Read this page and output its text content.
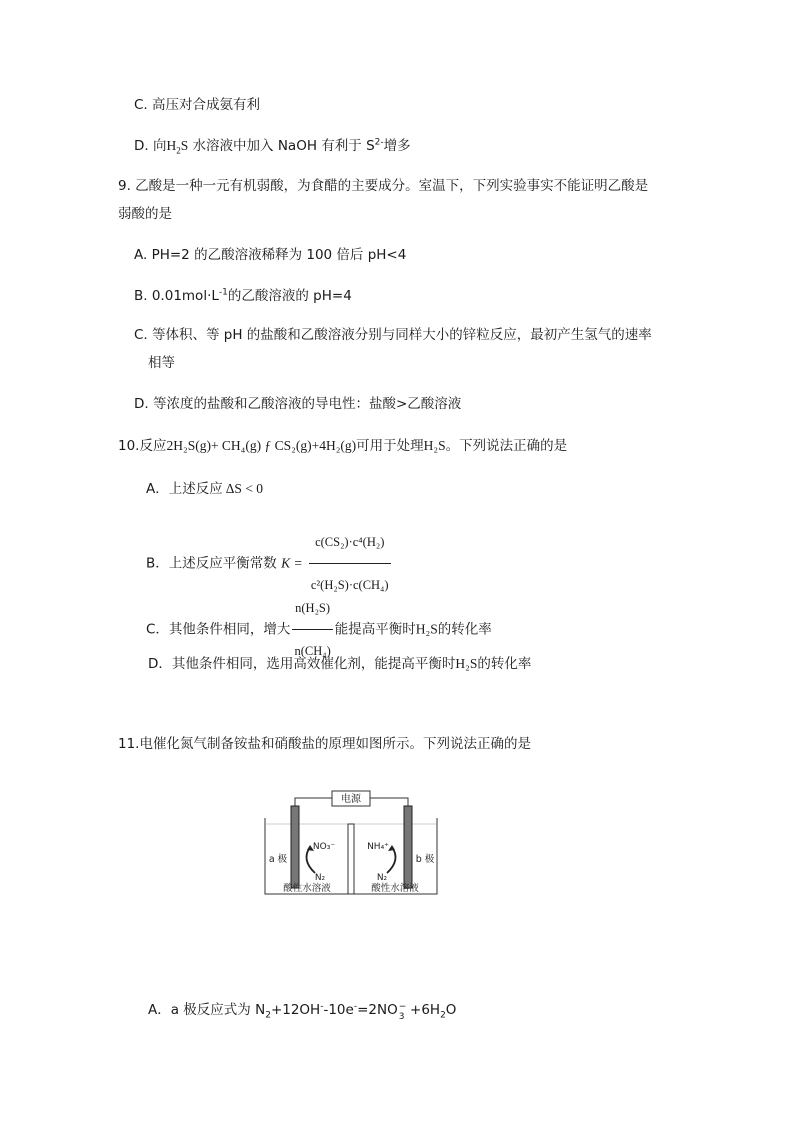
C. 高压对合成氨有利
D. 向$H_2S$ 水溶液中加入 NaOH 有利于 $S^{2-}$增多
9. 乙酸是一种一元有机弱酸，为食醋的主要成分。室温下，下列实验事实不能证明乙酸是
弱酸的是
A. PH=2 的乙酸溶液稀释为 100 倍后 pH<4
B. $0.01mol\cdot L^{-1}$的乙酸溶液的 pH=4
C. 等体积、等 pH 的盐酸和乙酸溶液分别与同样大小的锌粒反应，最初产生氢气的速率
相等
D. 等浓度的盐酸和乙酸溶液的导电性：盐酸>乙酸溶液
10.反应2H₂S(g)+ CH₄(g) ƒ CS₂(g)+4H₂(g)可用于处理H₂S。下列说法正确的是
A．上述反应 ΔS < 0
B．上述反应平衡常数 $K = \frac{\text{c(CS₂)·c⁴(H₂)}}{\text{c²(H₂S)·c(CH₄)}}$
C．其他条件相同，增大 $\frac{\text{n(H₂S)}}{\text{n(CH₄)}}$ 能提高平衡时H₂S的转化率
D．其他条件相同，选用高效催化剂，能提高平衡时H₂S的转化率
11.电催化氮气制备铵盐和硝酸盐的原理如图所示。下列说法正确的是
电源
a 极	b 极
NO₃⁻
N₂
NH₄⁺
N₂
酸性水溶液	酸性水溶液
A．a 极反应式为 $N_2+12OH^--10e^-=2NO$ −
$3 +6H_2O$
